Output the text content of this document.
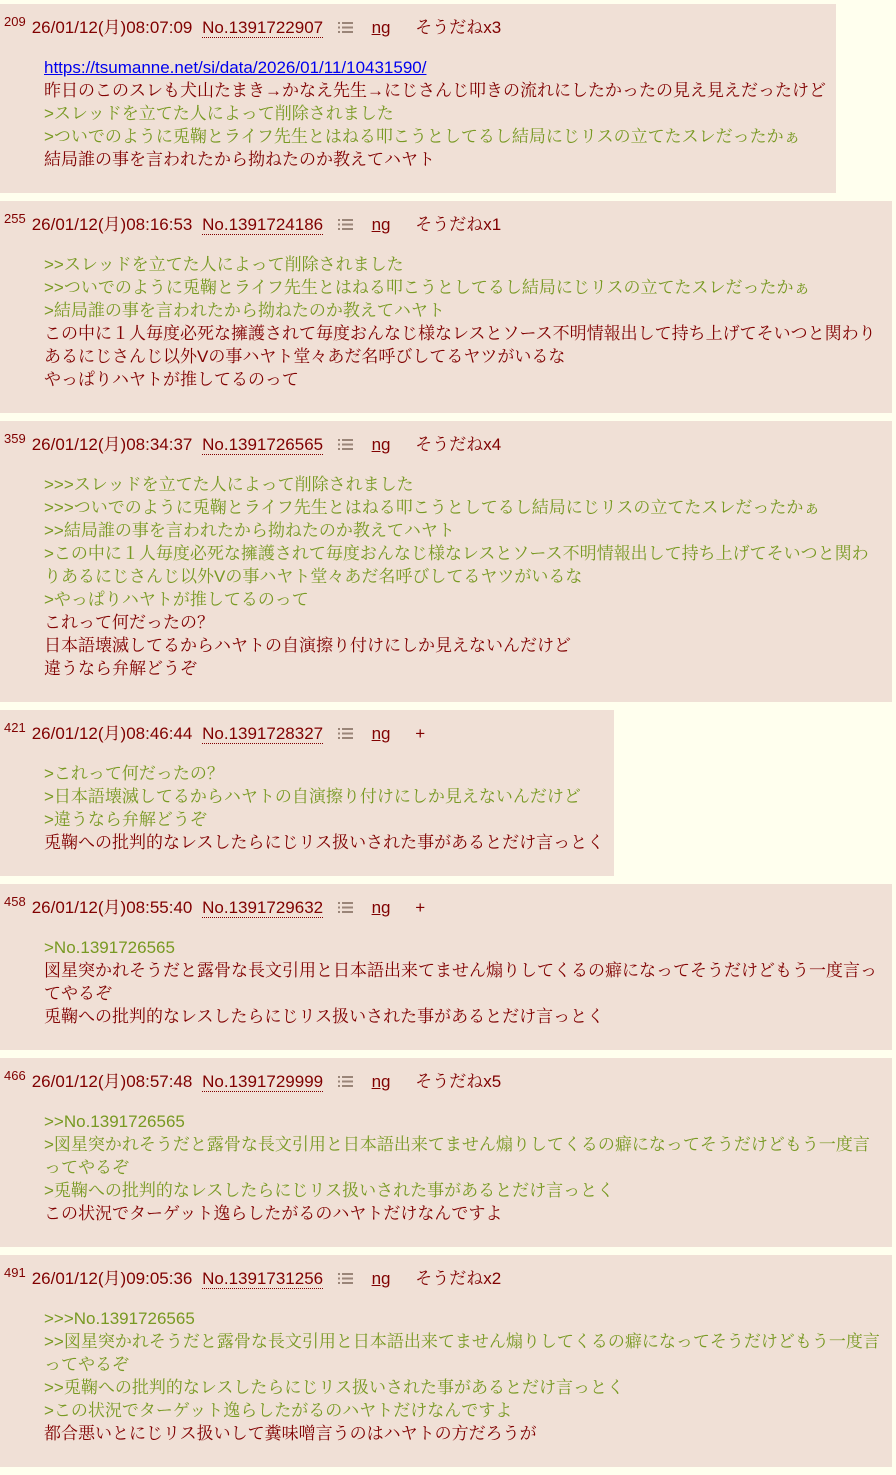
$^{209}$ 26/01/12(月)08:07:09 No.1391722907	ng そうだねx3
https://tsumanne.net/si/data/2026/01/11/10431590/
昨日のこのスレも犬山たまき→かなえ先生→にじさんじ叩きの流れにしたかったの見え見えだったけど
>スレッドを立てた人によって削除されました
>ついでのように兎鞠とライフ先生とはねる叩こうとしてるし結局にじリスの立てたスレだったかぁ
結局誰の事を言われたから拗ねたのか教えてハヤト
$^{255}$ 26/01/12(月)08:16:53 No.1391724186	ng そうだねx1
>>スレッドを立てた人によって削除されました
>>ついでのように兎鞠とライフ先生とはねる叩こうとしてるし結局にじリスの立てたスレだったかぁ
>結局誰の事を言われたから拗ねたのか教えてハヤト
この中に１人毎度必死な擁護されて毎度おんなじ様なレスとソース不明情報出して持ち上げてそいつと関わりあるにじさんじ以外Vの事ハヤト堂々あだ名呼びしてるヤツがいるな
やっぱりハヤトが推してるのって
$^{359}$ 26/01/12(月)08:34:37 No.1391726565	ng そうだねx4
>>>スレッドを立てた人によって削除されました
>>>ついでのように兎鞠とライフ先生とはねる叩こうとしてるし結局にじリスの立てたスレだったかぁ
>>結局誰の事を言われたから拗ねたのか教えてハヤト
>この中に１人毎度必死な擁護されて毎度おんなじ様なレスとソース不明情報出して持ち上げてそいつと関わりあるにじさんじ以外Vの事ハヤト堂々あだ名呼びしてるヤツがいるな
>やっぱりハヤトが推してるのって
これって何だったの？
日本語壊滅してるからハヤトの自演擦り付けにしか見えないんだけど
違うなら弁解どうぞ
$^{421}$ 26/01/12(月)08:46:44 No.1391728327	ng +
>これって何だったの？
>日本語壊滅してるからハヤトの自演擦り付けにしか見えないんだけど
>違うなら弁解どうぞ
兎鞠への批判的なレスしたらにじリス扱いされた事があるとだけ言っとく
$^{458}$ 26/01/12(月)08:55:40 No.1391729632	ng +
>No.1391726565
図星突かれそうだと露骨な長文引用と日本語出来てません煽りしてくるの癖になってそうだけどもう一度言ってやるぞ
兎鞠への批判的なレスしたらにじリス扱いされた事があるとだけ言っとく
$^{466}$ 26/01/12(月)08:57:48 No.1391729999	ng そうだねx5
>>No.1391726565
>図星突かれそうだと露骨な長文引用と日本語出来てません煽りしてくるの癖になってそうだけどもう一度言ってやるぞ
>兎鞠への批判的なレスしたらにじリス扱いされた事があるとだけ言っとく
この状況でターゲット逸らしたがるのハヤトだけなんですよ
$^{491}$ 26/01/12(月)09:05:36 No.1391731256	ng そうだねx2
>>>No.1391726565
>>図星突かれそうだと露骨な長文引用と日本語出来てません煽りしてくるの癖になってそうだけどもう一度言ってやるぞ
>>兎鞠への批判的なレスしたらにじリス扱いされた事があるとだけ言っとく
>この状況でターゲット逸らしたがるのハヤトだけなんですよ
都合悪いとにじリス扱いして糞味噌言うのはハヤトの方だろうが
